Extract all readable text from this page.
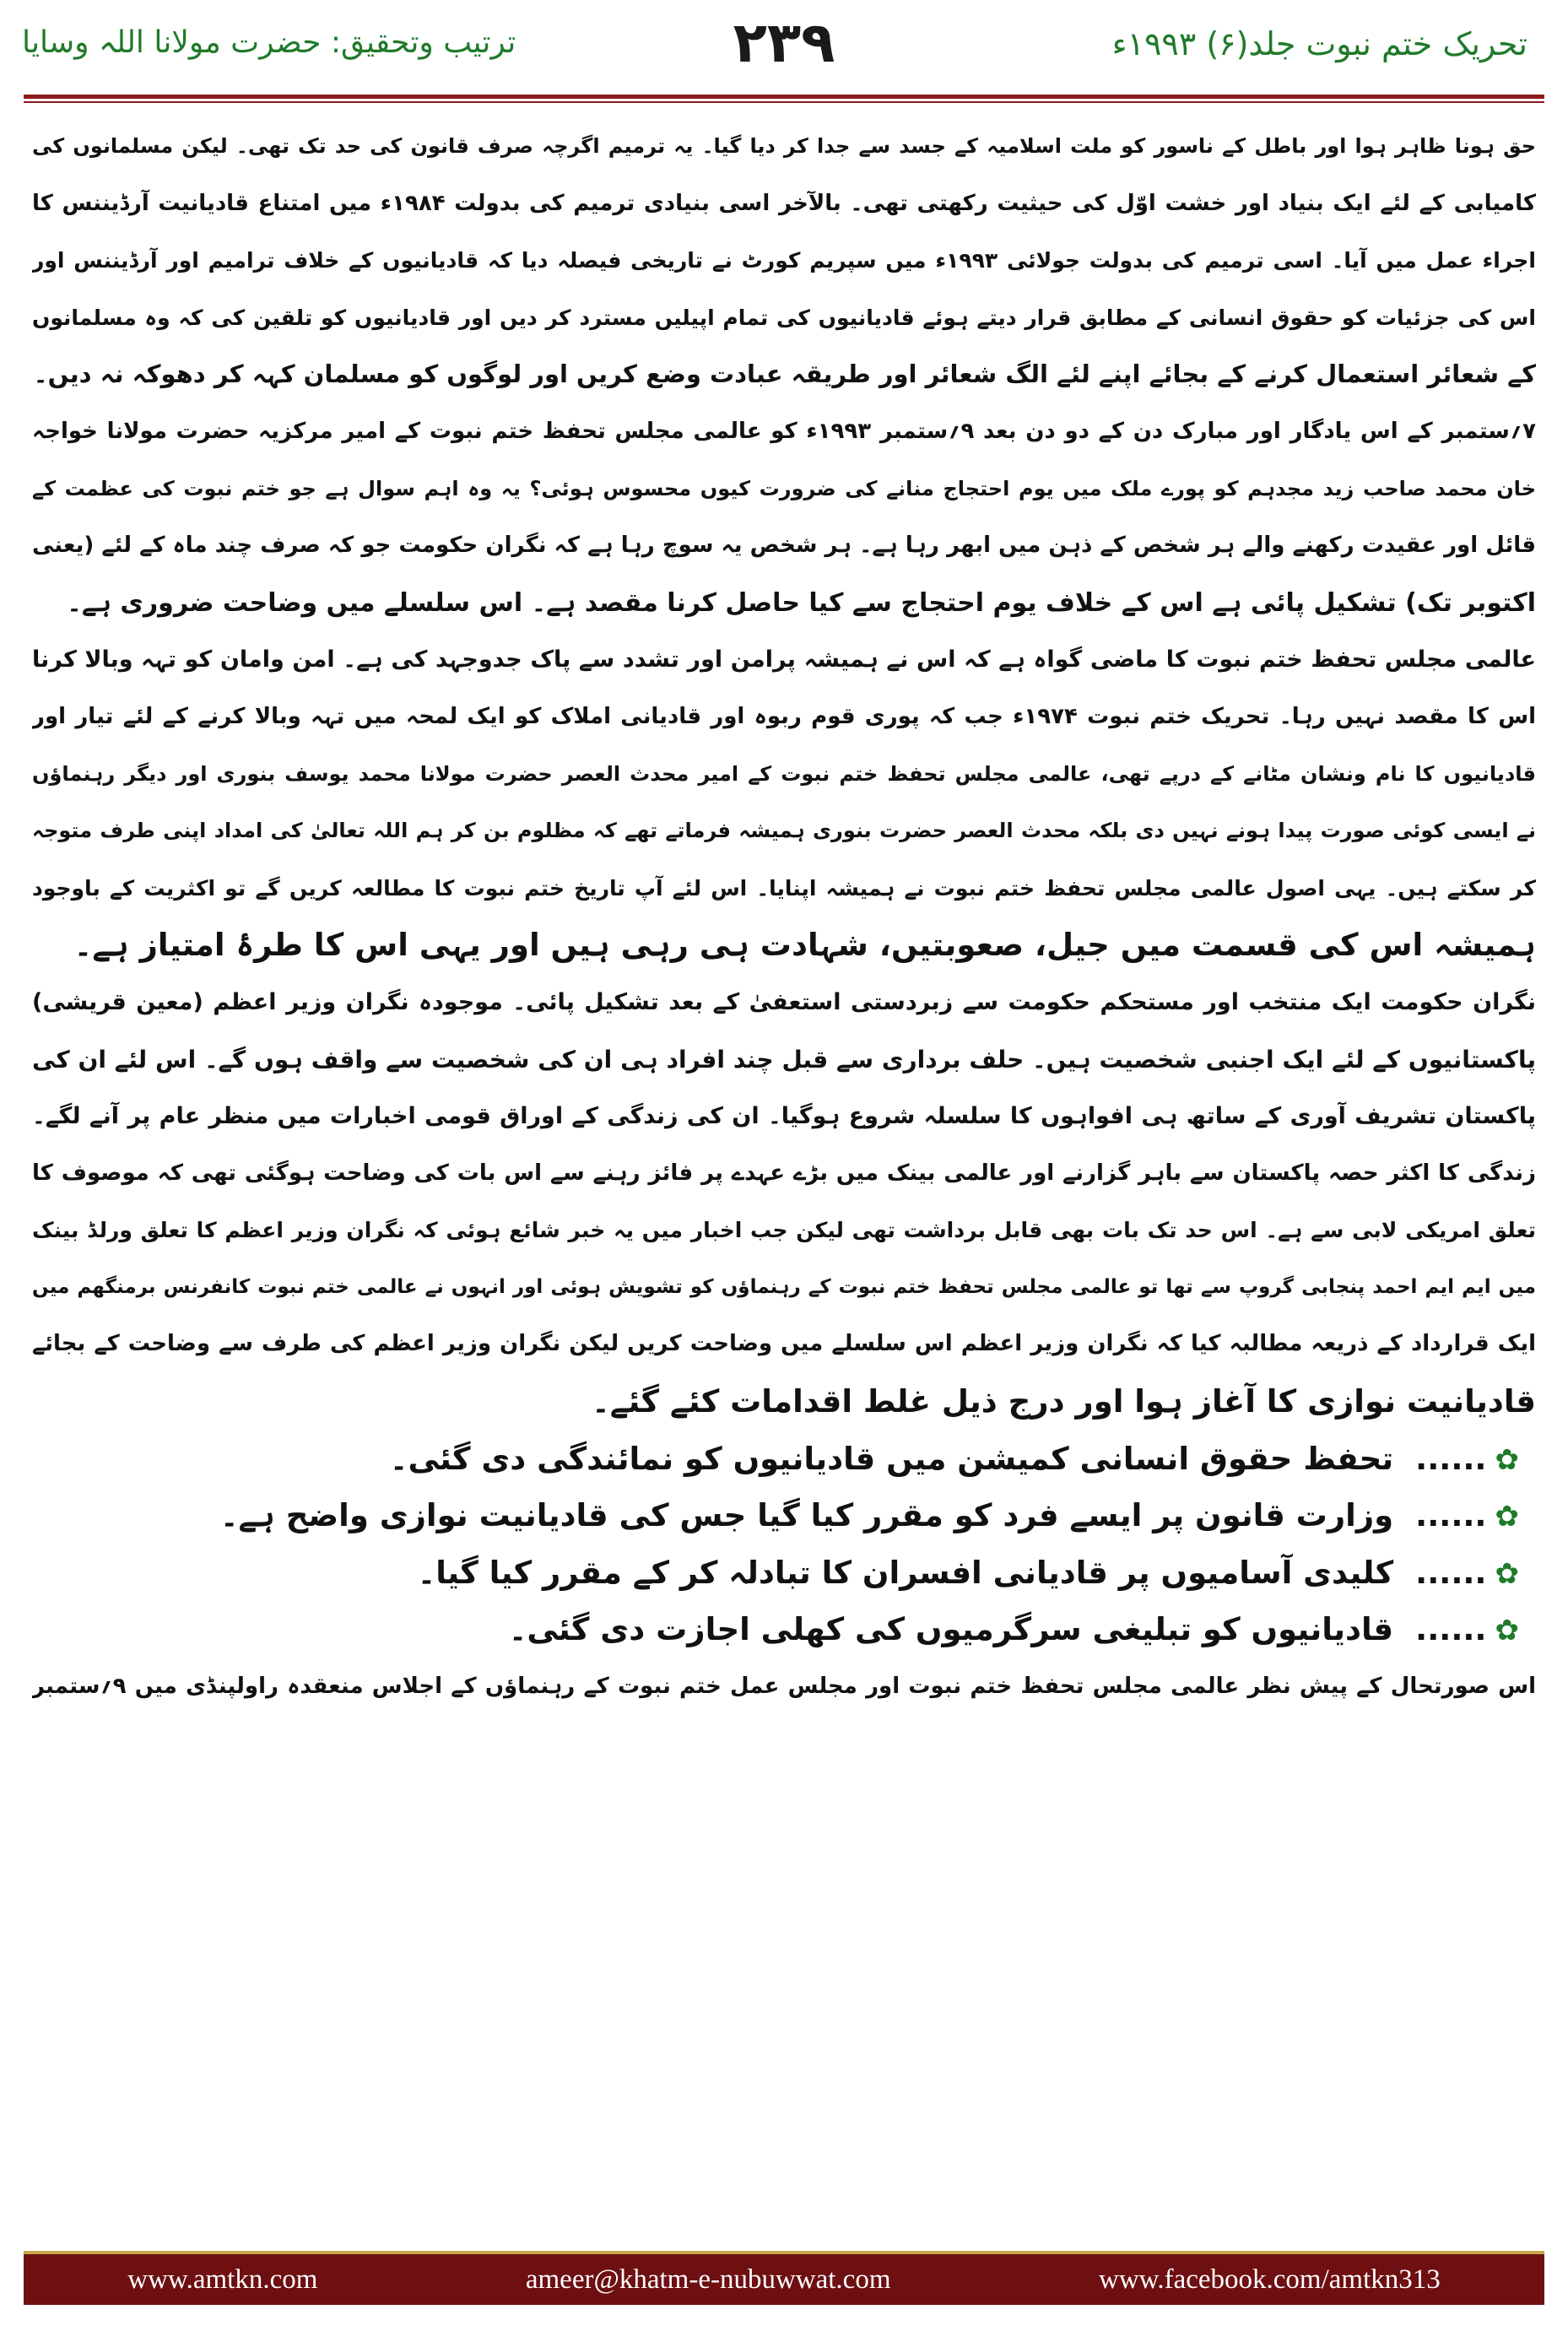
تحریک ختم نبوت جلد(۶) ۱۹۹۳ء
۲۳۹
ترتیب وتحقیق: حضرت مولانا اللہ وسایا
حق ہونا ظاہر ہوا اور باطل کے ناسور کو ملت اسلامیہ کے جسد سے جدا کر دیا گیا۔ یہ ترمیم اگرچہ صرف قانون کی حد تک تھی۔ لیکن مسلمانوں کی
کامیابی کے لئے ایک بنیاد اور خشت اوّل کی حیثیت رکھتی تھی۔ بالآخر اسی بنیادی ترمیم کی بدولت ۱۹۸۴ء میں امتناع قادیانیت آرڈیننس کا
اجراء عمل میں آیا۔ اسی ترمیم کی بدولت جولائی ۱۹۹۳ء میں سپریم کورٹ نے تاریخی فیصلہ دیا کہ قادیانیوں کے خلاف ترامیم اور آرڈیننس اور
اس کی جزئیات کو حقوق انسانی کے مطابق قرار دیتے ہوئے قادیانیوں کی تمام اپیلیں مسترد کر دیں اور قادیانیوں کو تلقین کی کہ وہ مسلمانوں
کے شعائر استعمال کرنے کے بجائے اپنے لئے الگ شعائر اور طریقہ عبادت وضع کریں اور لوگوں کو مسلمان کہہ کر دھوکہ نہ دیں۔
۷؍ستمبر کے اس یادگار اور مبارک دن کے دو دن بعد ۹؍ستمبر ۱۹۹۳ء کو عالمی مجلس تحفظ ختم نبوت کے امیر مرکزیہ حضرت مولانا خواجہ
خان محمد صاحب زید مجدہم کو پورے ملک میں یوم احتجاج منانے کی ضرورت کیوں محسوس ہوئی؟ یہ وہ اہم سوال ہے جو ختم نبوت کی عظمت کے
قائل اور عقیدت رکھنے والے ہر شخص کے ذہن میں ابھر رہا ہے۔ ہر شخص یہ سوچ رہا ہے کہ نگران حکومت جو کہ صرف چند ماہ کے لئے (یعنی
اکتوبر تک) تشکیل پائی ہے اس کے خلاف یوم احتجاج سے کیا حاصل کرنا مقصد ہے۔ اس سلسلے میں وضاحت ضروری ہے۔
عالمی مجلس تحفظ ختم نبوت کا ماضی گواہ ہے کہ اس نے ہمیشہ پرامن اور تشدد سے پاک جدوجہد کی ہے۔ امن وامان کو تہہ وبالا کرنا
اس کا مقصد نہیں رہا۔ تحریک ختم نبوت ۱۹۷۴ء جب کہ پوری قوم ربوہ اور قادیانی املاک کو ایک لمحہ میں تہہ وبالا کرنے کے لئے تیار اور
قادیانیوں کا نام ونشان مٹانے کے درپے تھی، عالمی مجلس تحفظ ختم نبوت کے امیر محدث العصر حضرت مولانا محمد یوسف بنوری اور دیگر رہنماؤں
نے ایسی کوئی صورت پیدا ہونے نہیں دی بلکہ محدث العصر حضرت بنوری ہمیشہ فرماتے تھے کہ مظلوم بن کر ہم اللہ تعالیٰ کی امداد اپنی طرف متوجہ
کر سکتے ہیں۔ یہی اصول عالمی مجلس تحفظ ختم نبوت نے ہمیشہ اپنایا۔ اس لئے آپ تاریخ ختم نبوت کا مطالعہ کریں گے تو اکثریت کے باوجود
ہمیشہ اس کی قسمت میں جیل، صعوبتیں، شہادت ہی رہی ہیں اور یہی اس کا طرۂ امتیاز ہے۔
نگران حکومت ایک منتخب اور مستحکم حکومت سے زبردستی استعفیٰ کے بعد تشکیل پائی۔ موجودہ نگران وزیر اعظم (معین قریشی)
پاکستانیوں کے لئے ایک اجنبی شخصیت ہیں۔ حلف برداری سے قبل چند افراد ہی ان کی شخصیت سے واقف ہوں گے۔ اس لئے ان کی
پاکستان تشریف آوری کے ساتھ ہی افواہوں کا سلسلہ شروع ہوگیا۔ ان کی زندگی کے اوراق قومی اخبارات میں منظر عام پر آنے لگے۔
زندگی کا اکثر حصہ پاکستان سے باہر گزارنے اور عالمی بینک میں بڑے عہدے پر فائز رہنے سے اس بات کی وضاحت ہوگئی تھی کہ موصوف کا
تعلق امریکی لابی سے ہے۔ اس حد تک بات بھی قابل برداشت تھی لیکن جب اخبار میں یہ خبر شائع ہوئی کہ نگران وزیر اعظم کا تعلق ورلڈ بینک
میں ایم ایم احمد پنجابی گروپ سے تھا تو عالمی مجلس تحفظ ختم نبوت کے رہنماؤں کو تشویش ہوئی اور انہوں نے عالمی ختم نبوت کانفرنس برمنگھم میں
ایک قرارداد کے ذریعہ مطالبہ کیا کہ نگران وزیر اعظم اس سلسلے میں وضاحت کریں لیکن نگران وزیر اعظم کی طرف سے وضاحت کے بجائے
قادیانیت نوازی کا آغاز ہوا اور درج ذیل غلط اقدامات کئے گئے۔
✿......تحفظ حقوق انسانی کمیشن میں قادیانیوں کو نمائندگی دی گئی۔
✿......وزارت قانون پر ایسے فرد کو مقرر کیا گیا جس کی قادیانیت نوازی واضح ہے۔
✿......کلیدی آسامیوں پر قادیانی افسران کا تبادلہ کر کے مقرر کیا گیا۔
✿......قادیانیوں کو تبلیغی سرگرمیوں کی کھلی اجازت دی گئی۔
اس صورتحال کے پیش نظر عالمی مجلس تحفظ ختم نبوت اور مجلس عمل ختم نبوت کے رہنماؤں کے اجلاس منعقدہ راولپنڈی میں ۹؍ستمبر
www.amtkn.com	ameer@khatm-e-nubuwwat.com	www.facebook.com/amtkn313
